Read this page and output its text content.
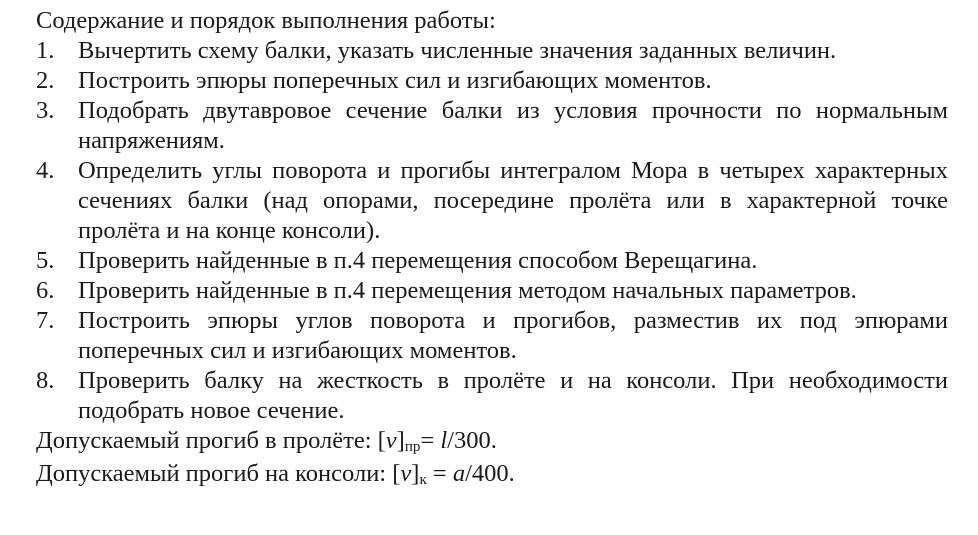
Содержание и порядок выполнения работы:

1. Вычертить схему балки, указать численные значения заданных величин.
2. Построить эпюры поперечных сил и изгибающих моментов.
3. Подобрать двутавровое сечение балки из условия прочности по нормальным напряжениям.
4. Определить углы поворота и прогибы интегралом Мора в четырех характерных сечениях балки (над опорами, посередине пролёта или в характерной точке пролёта и на конце консоли).
5. Проверить найденные в п.4 перемещения способом Верещагина.
6. Проверить найденные в п.4 перемещения методом начальных параметров.
7. Построить эпюры углов поворота и прогибов, разместив их под эпюрами поперечных сил и изгибающих моментов.
8. Проверить балку на жесткость в пролёте и на консоли. При необходимости подобрать новое сечение.

Допускаемый прогиб в пролёте: [v]пр= l/300.

Допускаемый прогиб на консоли: [v]к = a/400.
